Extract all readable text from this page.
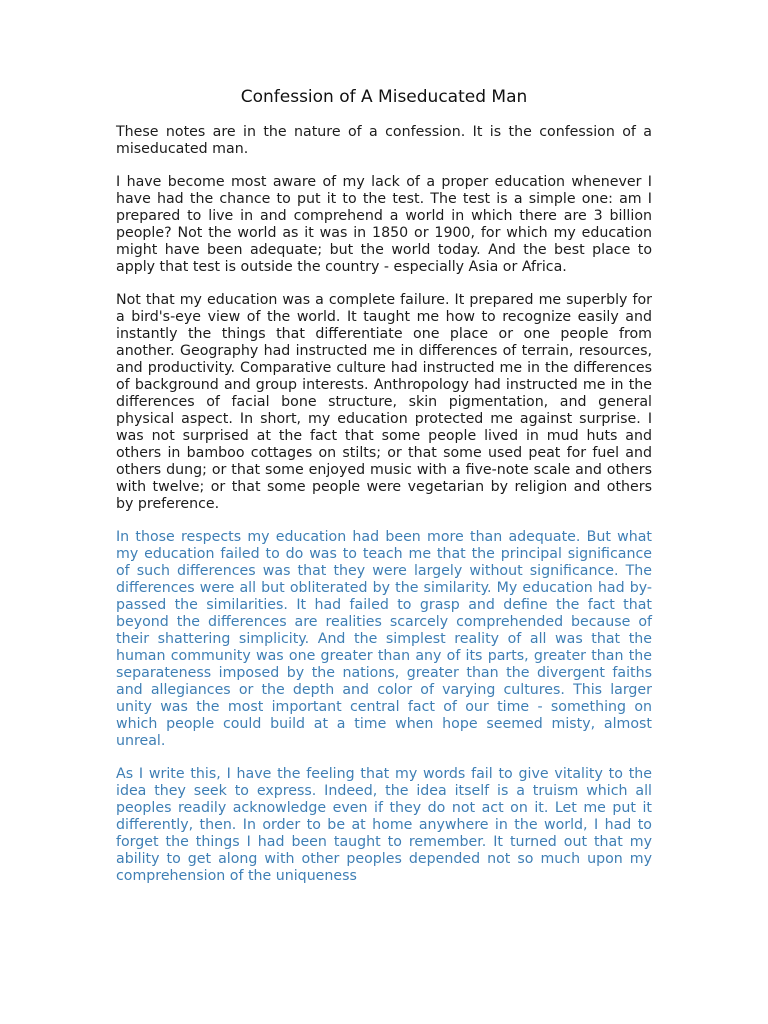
Confession of A Miseducated Man

These notes are in the nature of a confession. It is the confession of a miseducated man.

I have become most aware of my lack of a proper education whenever I have had the chance to put it to the test. The test is a simple one: am I prepared to live in and comprehend a world in which there are 3 billion people? Not the world as it was in 1850 or 1900, for which my education might have been adequate; but the world today. And the best place to apply that test is outside the country - especially Asia or Africa.

Not that my education was a complete failure. It prepared me superbly for a bird's-eye view of the world. It taught me how to recognize easily and instantly the things that differentiate one place or one people from another. Geography had instructed me in differences of terrain, resources, and productivity. Comparative culture had instructed me in the differences of background and group interests. Anthropology had instructed me in the differences of facial bone structure, skin pigmentation, and general physical aspect. In short, my education protected me against surprise. I was not surprised at the fact that some people lived in mud huts and others in bamboo cottages on stilts; or that some used peat for fuel and others dung; or that some enjoyed music with a five-note scale and others with twelve; or that some people were vegetarian by religion and others by preference.

In those respects my education had been more than adequate. But what my education failed to do was to teach me that the principal significance of such differences was that they were largely without significance. The differences were all but obliterated by the similarity. My education had by-passed the similarities. It had failed to grasp and define the fact that beyond the differences are realities scarcely comprehended because of their shattering simplicity. And the simplest reality of all was that the human community was one greater than any of its parts, greater than the separateness imposed by the nations, greater than the divergent faiths and allegiances or the depth and color of varying cultures. This larger unity was the most important central fact of our time - something on which people could build at a time when hope seemed misty, almost unreal.

As I write this, I have the feeling that my words fail to give vitality to the idea they seek to express. Indeed, the idea itself is a truism which all peoples readily acknowledge even if they do not act on it. Let me put it differently, then. In order to be at home anywhere in the world, I had to forget the things I had been taught to remember. It turned out that my ability to get along with other peoples depended not so much upon my comprehension of the uniqueness
